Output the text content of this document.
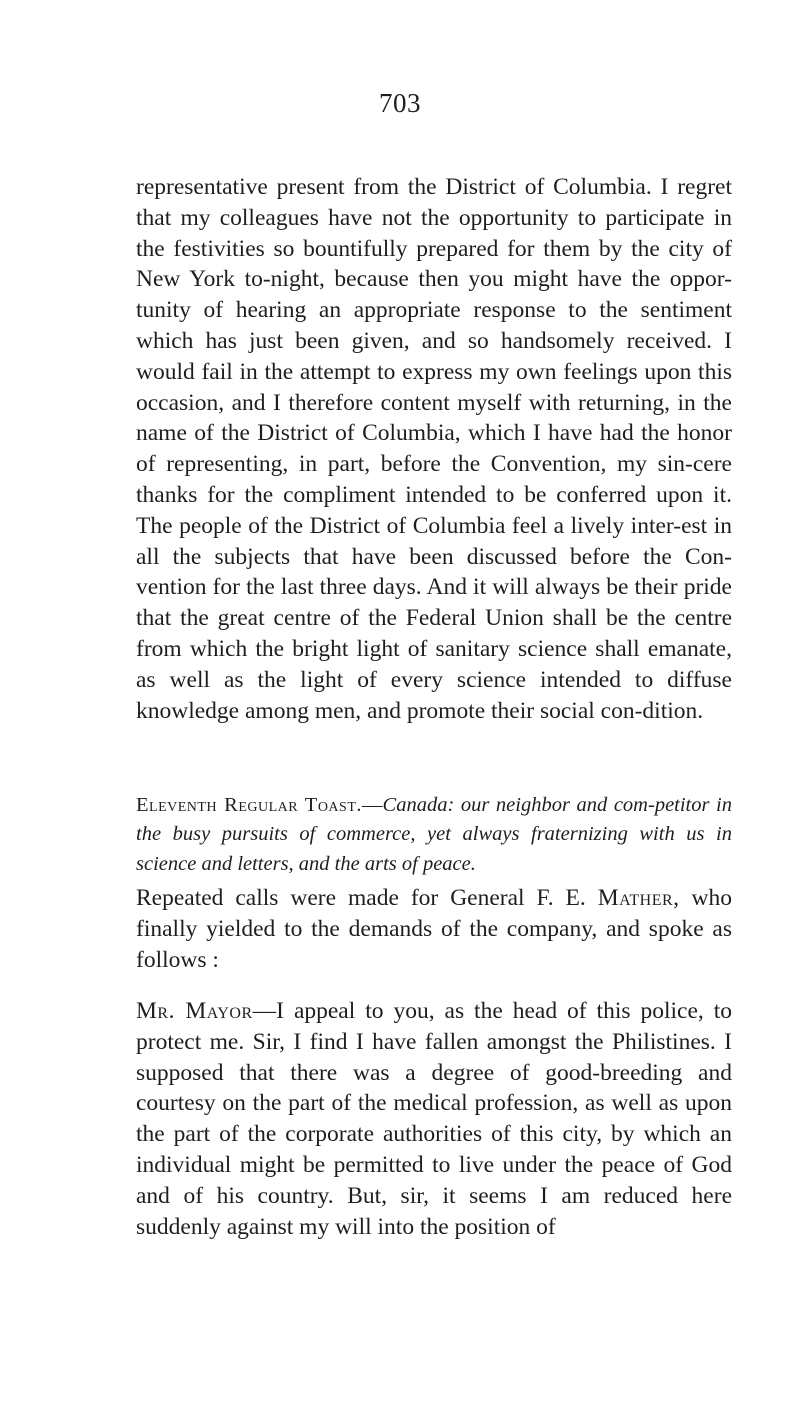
703

representative present from the District of Columbia. I regret that my colleagues have not the opportunity to participate in the festivities so bountifully prepared for them by the city of New York to-night, because then you might have the oppor-tunity of hearing an appropriate response to the sentiment which has just been given, and so handsomely received. I would fail in the attempt to express my own feelings upon this occasion, and I therefore content myself with returning, in the name of the District of Columbia, which I have had the honor of representing, in part, before the Convention, my sin-cere thanks for the compliment intended to be conferred upon it. The people of the District of Columbia feel a lively inter-est in all the subjects that have been discussed before the Con-vention for the last three days. And it will always be their pride that the great centre of the Federal Union shall be the centre from which the bright light of sanitary science shall emanate, as well as the light of every science intended to diffuse knowledge among men, and promote their social con-dition.

Eleventh Regular Toast.—Canada: our neighbor and com-petitor in the busy pursuits of commerce, yet always fraternizing with us in science and letters, and the arts of peace.

Repeated calls were made for General F. E. Mather, who finally yielded to the demands of the company, and spoke as follows :

Mr. Mayor—I appeal to you, as the head of this police, to protect me. Sir, I find I have fallen amongst the Philistines. I supposed that there was a degree of good-breeding and courtesy on the part of the medical profession, as well as upon the part of the corporate authorities of this city, by which an individual might be permitted to live under the peace of God and of his country. But, sir, it seems I am reduced here suddenly against my will into the position of
